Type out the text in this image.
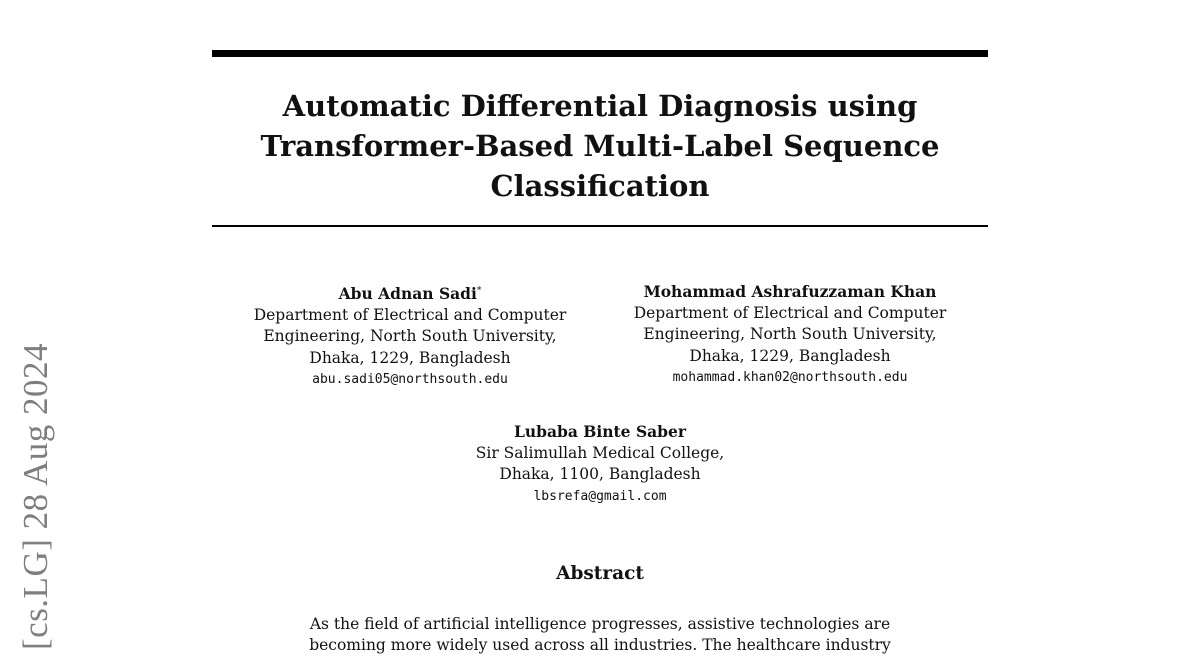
[cs.LG] 28 Aug 2024
Automatic Differential Diagnosis using
Transformer-Based Multi-Label Sequence
Classification
Abu Adnan Sadi*
Department of Electrical and Computer
Engineering, North South University,
Dhaka, 1229, Bangladesh
abu.sadi05@northsouth.edu
Mohammad Ashrafuzzaman Khan
Department of Electrical and Computer
Engineering, North South University,
Dhaka, 1229, Bangladesh
mohammad.khan02@northsouth.edu
Lubaba Binte Saber
Sir Salimullah Medical College,
Dhaka, 1100, Bangladesh
lbsrefa@gmail.com
Abstract
As the field of artificial intelligence progresses, assistive technologies are
becoming more widely used across all industries. The healthcare industry
